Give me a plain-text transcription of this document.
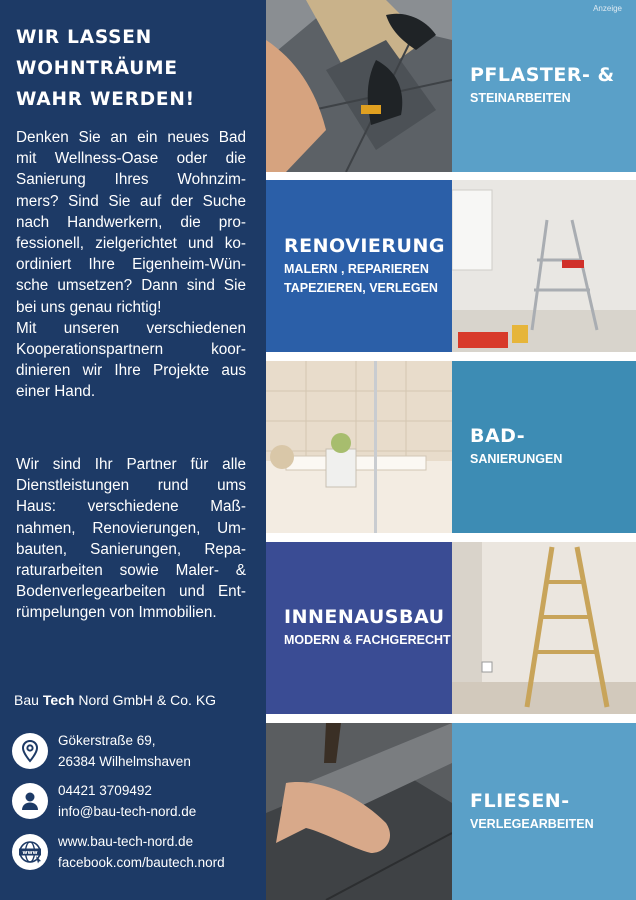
WIR LASSEN
WOHNTRÄUME
WAHR WERDEN!
Denken Sie an ein neues Bad
mit Wellness-Oase oder die
Sanierung Ihres Wohnzim-
mers? Sind Sie auf der Suche
nach Handwerkern, die pro-
fessionell, zielgerichtet und ko-
ordiniert Ihre Eigenheim-Wün-
sche umsetzen? Dann sind Sie
bei uns genau richtig!
Mit unseren verschiedenen
Kooperationspartnern koor-
dinieren wir Ihre Projekte aus
einer Hand.
Wir sind Ihr Partner für alle
Dienstleistungen rund ums
Haus: verschiedene Maß-
nahmen, Renovierungen, Um-
bauten, Sanierungen, Repa-
raturarbeiten sowie Maler- &
Bodenverlegearbeiten und Ent-
rümpelungen von Immobilien.
Bau Tech Nord GmbH & Co. KG
Gökerstraße 69,
26384 Wilhelmshaven
04421 3709492
info@bau-tech-nord.de
www
www.bau-tech-nord.de
facebook.com/bautech.nord
PFLASTER- &
STEINARBEITEN
Anzeige
RENOVIERUNG
MALERN , REPARIEREN
TAPEZIEREN, VERLEGEN
BAD-
SANIERUNGEN
INNENAUSBAU
MODERN & FACHGERECHT
FLIESEN-
VERLEGEARBEITEN
